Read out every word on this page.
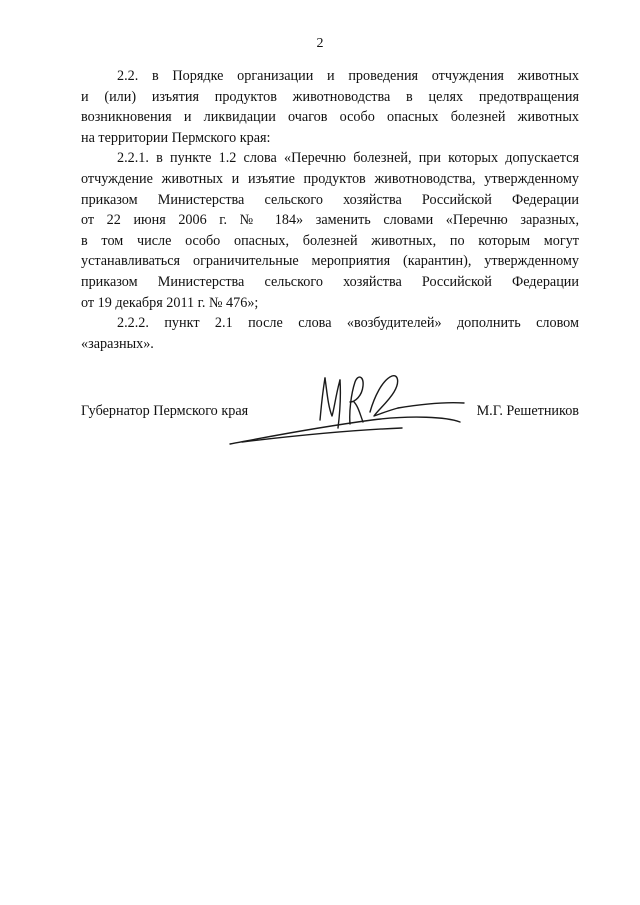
2

2.2. в Порядке организации и проведения отчуждения животных
и (или) изъятия продуктов животноводства в целях предотвращения
возникновения и ликвидации очагов особо опасных болезней животных
на территории Пермского края:

2.2.1. в пункте 1.2 слова «Перечню болезней, при которых допускается
отчуждение животных и изъятие продуктов животноводства, утвержденному
приказом Министерства сельского хозяйства Российской Федерации
от 22 июня 2006 г. № 184» заменить словами «Перечню заразных,
в том числе особо опасных, болезней животных, по которым могут
устанавливаться ограничительные мероприятия (карантин), утвержденному
приказом Министерства сельского хозяйства Российской Федерации
от 19 декабря 2011 г. № 476»;

2.2.2. пункт 2.1 после слова «возбудителей» дополнить словом
«заразных».

Губернатор Пермского края	М.Г. Решетников
